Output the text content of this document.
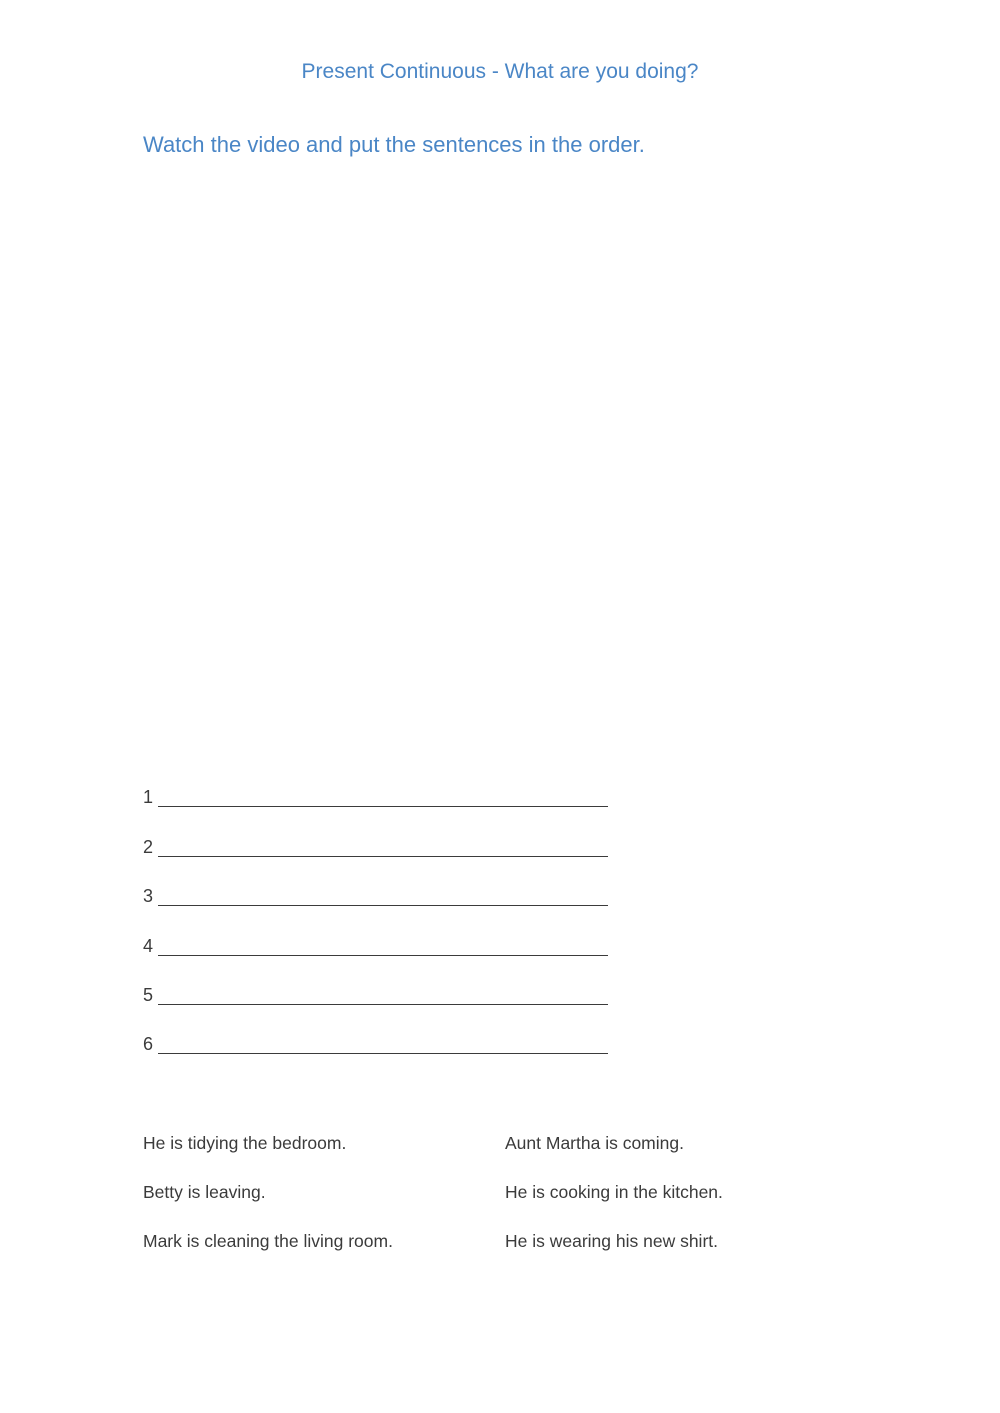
Present Continuous - What are you doing?
Watch the video and put the sentences in the order.
1
2
3
4
5
6
He is tidying the bedroom.	Aunt Martha is coming.
Betty is leaving.	He is cooking in the kitchen.
Mark is cleaning the living room.	He is wearing his new shirt.
